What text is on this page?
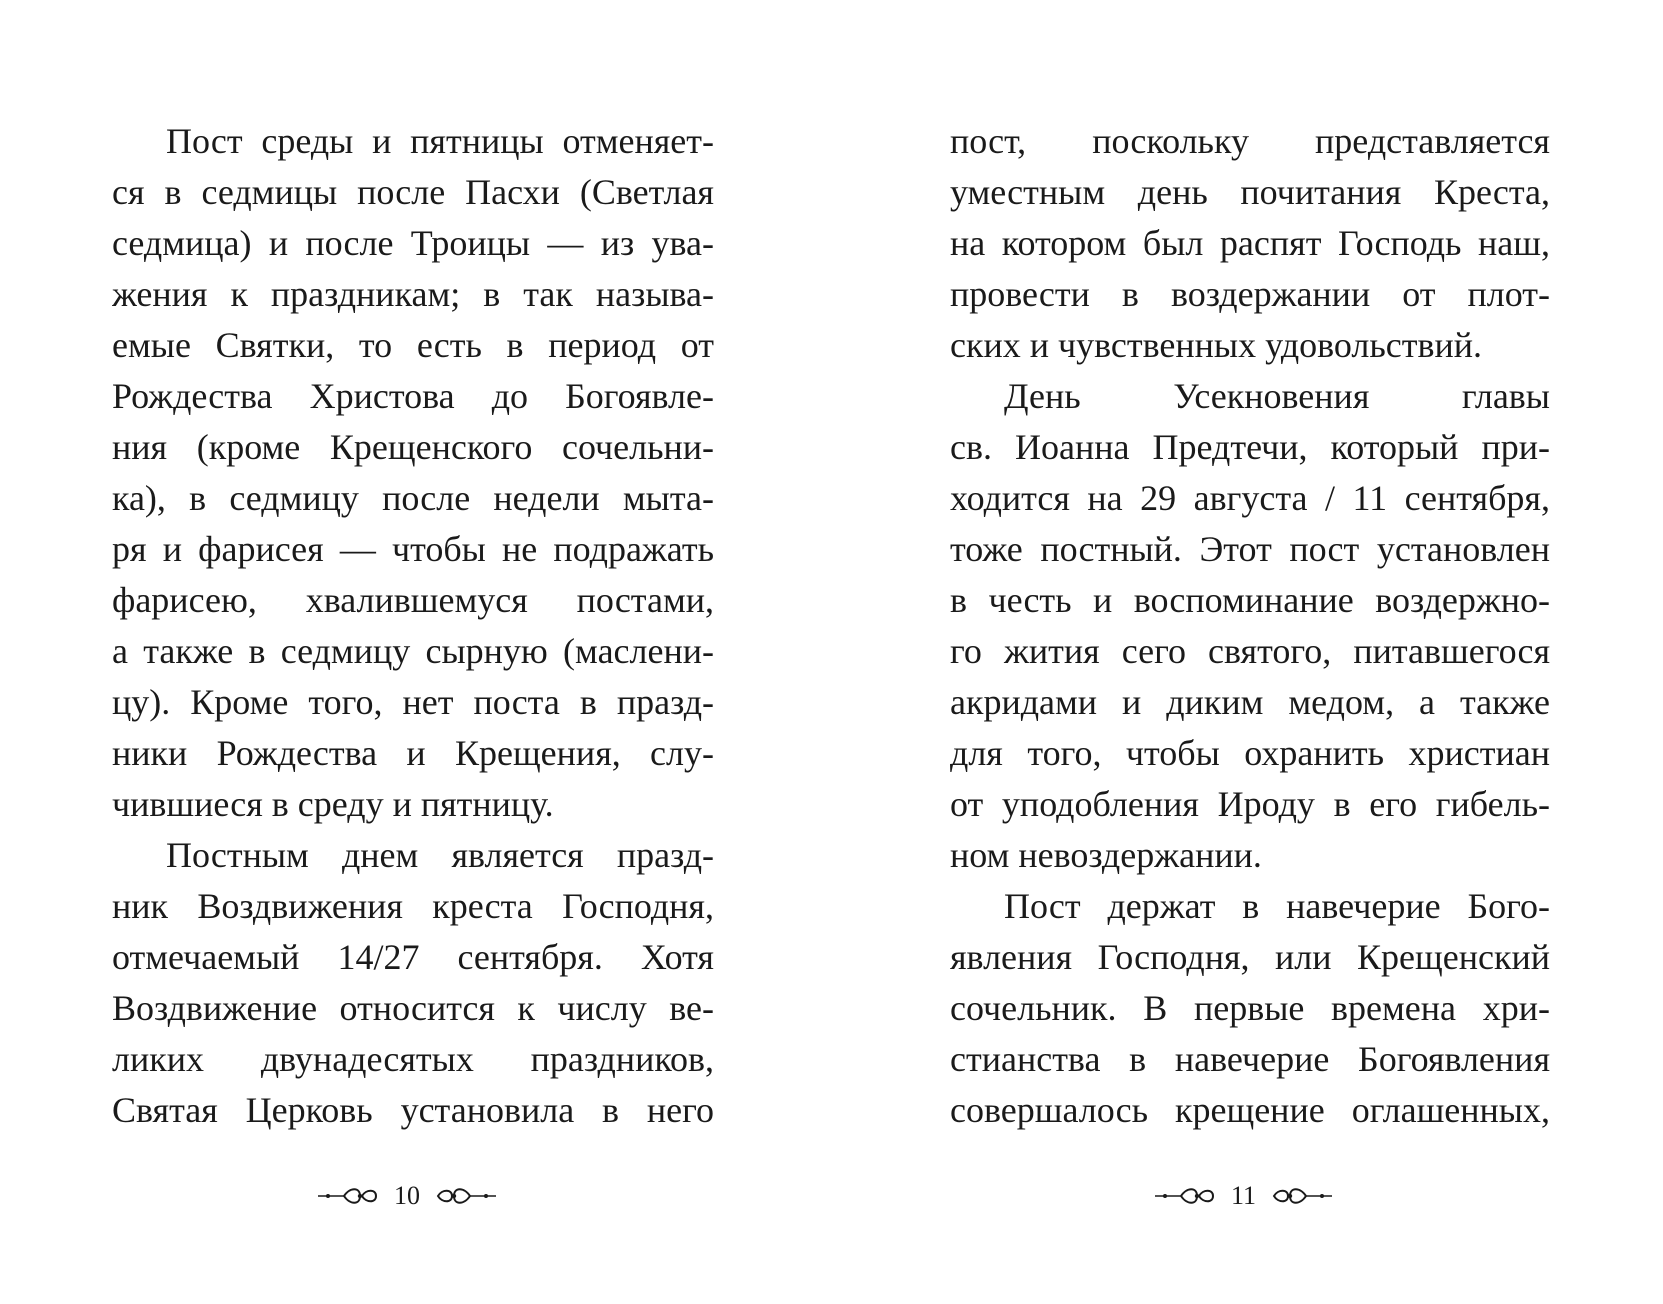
Пост среды и пятницы отменяет-
ся в седмицы после Пасхи (Светлая
седмица) и после Троицы — из ува-
жения к праздникам; в так называ-
емые Святки, то есть в период от
Рождества Христова до Богоявле-
ния (кроме Крещенского сочельни-
ка), в седмицу после недели мыта-
ря и фарисея — чтобы не подражать
фарисею, хвалившемуся постами,
а также в седмицу сырную (маслени-
цу). Кроме того, нет поста в празд-
ники Рождества и Крещения, слу-
чившиеся в среду и пятницу.
Постным днем является празд-
ник Воздвижения креста Господня,
отмечаемый 14/27 сентября. Хотя
Воздвижение относится к числу ве-
ликих двунадесятых праздников,
Святая Церковь установила в него
пост, поскольку представляется
уместным день почитания Креста,
на котором был распят Господь наш,
провести в воздержании от плот-
ских и чувственных удовольствий.
День Усекновения главы
св. Иоанна Предтечи, который при-
ходится на 29 августа / 11 сентября,
тоже постный. Этот пост установлен
в честь и воспоминание воздержно-
го жития сего святого, питавшегося
акридами и диким медом, а также
для того, чтобы охранить христиан
от уподобления Ироду в его гибель-
ном невоздержании.
Пост держат в навечерие Бого-
явления Господня, или Крещенский
сочельник. В первые времена хри-
стианства в навечерие Богоявления
совершалось крещение оглашенных,
10	11
